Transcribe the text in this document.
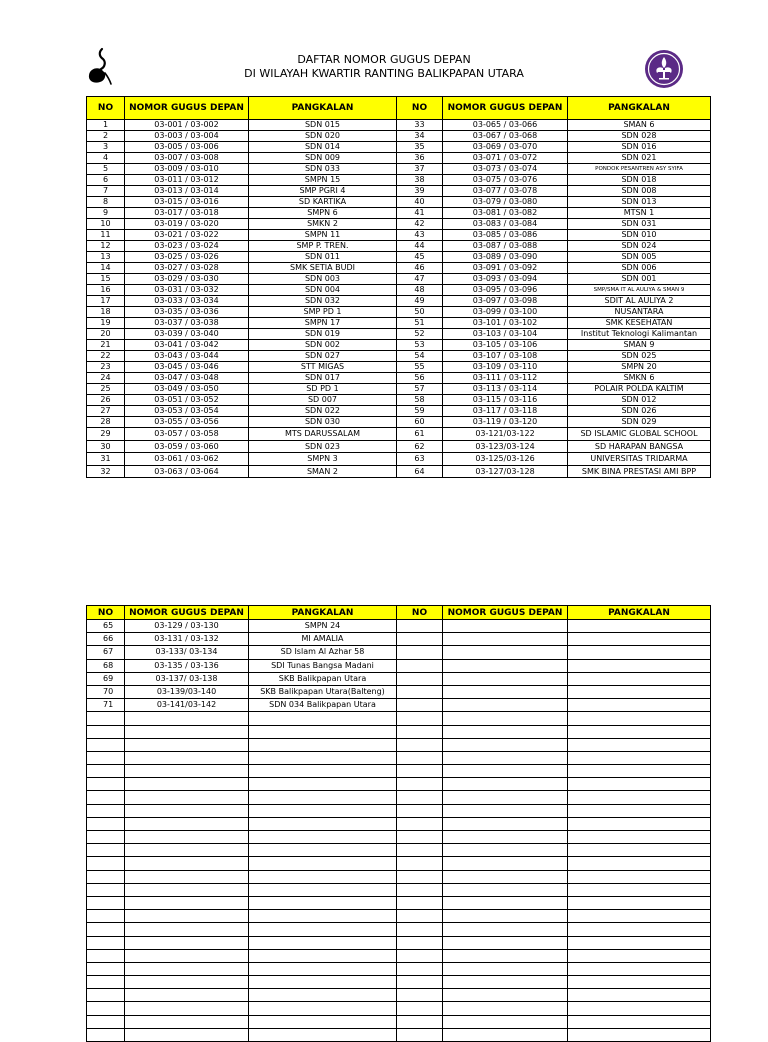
DAFTAR NOMOR GUGUS DEPAN
DI WILAYAH KWARTIR RANTING BALIKPAPAN UTARA
NO	NOMOR GUGUS DEPAN	PANGKALAN	NO	NOMOR GUGUS DEPAN	PANGKALAN
1	03-001 / 03-002	SDN 015	33	03-065 / 03-066	SMAN 6
2	03-003 / 03-004	SDN 020	34	03-067 / 03-068	SDN 028
3	03-005 / 03-006	SDN 014	35	03-069 / 03-070	SDN 016
4	03-007 / 03-008	SDN 009	36	03-071 / 03-072	SDN 021
5	03-009 / 03-010	SDN 033	37	03-073 / 03-074	PONDOK PESANTREN ASY SYIFA
6	03-011 / 03-012	SMPN 15	38	03-075 / 03-076	SDN 018
7	03-013 / 03-014	SMP PGRI 4	39	03-077 / 03-078	SDN 008
8	03-015 / 03-016	SD KARTIKA	40	03-079 / 03-080	SDN 013
9	03-017 / 03-018	SMPN 6	41	03-081 / 03-082	MTSN 1
10	03-019 / 03-020	SMKN 2	42	03-083 / 03-084	SDN 031
11	03-021 / 03-022	SMPN 11	43	03-085 / 03-086	SDN 010
12	03-023 / 03-024	SMP P. TREN.	44	03-087 / 03-088	SDN 024
13	03-025 / 03-026	SDN 011	45	03-089 / 03-090	SDN 005
14	03-027 / 03-028	SMK SETIA BUDI	46	03-091 / 03-092	SDN 006
15	03-029 / 03-030	SDN 003	47	03-093 / 03-094	SDN 001
16	03-031 / 03-032	SDN 004	48	03-095 / 03-096	SMP/SMA IT AL AULIYA & SMAN 9
17	03-033 / 03-034	SDN 032	49	03-097 / 03-098	SDIT AL AULIYA 2
18	03-035 / 03-036	SMP PD 1	50	03-099 / 03-100	NUSANTARA
19	03-037 / 03-038	SMPN 17	51	03-101 / 03-102	SMK KESEHATAN
20	03-039 / 03-040	SDN 019	52	03-103 / 03-104	Institut Teknologi Kalimantan
21	03-041 / 03-042	SDN 002	53	03-105 / 03-106	SMAN 9
22	03-043 / 03-044	SDN 027	54	03-107 / 03-108	SDN 025
23	03-045 / 03-046	STT MIGAS	55	03-109 / 03-110	SMPN 20
24	03-047 / 03-048	SDN 017	56	03-111 / 03-112	SMKN 6
25	03-049 / 03-050	SD PD 1	57	03-113 / 03-114	POLAIR POLDA KALTIM
26	03-051 / 03-052	SD 007	58	03-115 / 03-116	SDN 012
27	03-053 / 03-054	SDN 022	59	03-117 / 03-118	SDN 026
28	03-055 / 03-056	SDN 030	60	03-119 / 03-120	SDN 029
29	03-057 / 03-058	MTS DARUSSALAM	61	03-121/03-122	SD ISLAMIC GLOBAL SCHOOL
30	03-059 / 03-060	SDN 023	62	03-123/03-124	SD HARAPAN BANGSA
31	03-061 / 03-062	SMPN 3	63	03-125/03-126	UNIVERSITAS TRIDARMA
32	03-063 / 03-064	SMAN 2	64	03-127/03-128	SMK BINA PRESTASI AMI BPP
NO	NOMOR GUGUS DEPAN	PANGKALAN	NO	NOMOR GUGUS DEPAN	PANGKALAN
65	03-129 / 03-130	SMPN 24			
66	03-131 / 03-132	MI AMALIA			
67	03-133/ 03-134	SD Islam Al Azhar 58			
68	03-135 / 03-136	SDI Tunas Bangsa Madani			
69	03-137/ 03-138	SKB Balikpapan Utara			
70	03-139/03-140	SKB Balikpapan Utara(Balteng)			
71	03-141/03-142	SDN 034 Balikpapan Utara			
